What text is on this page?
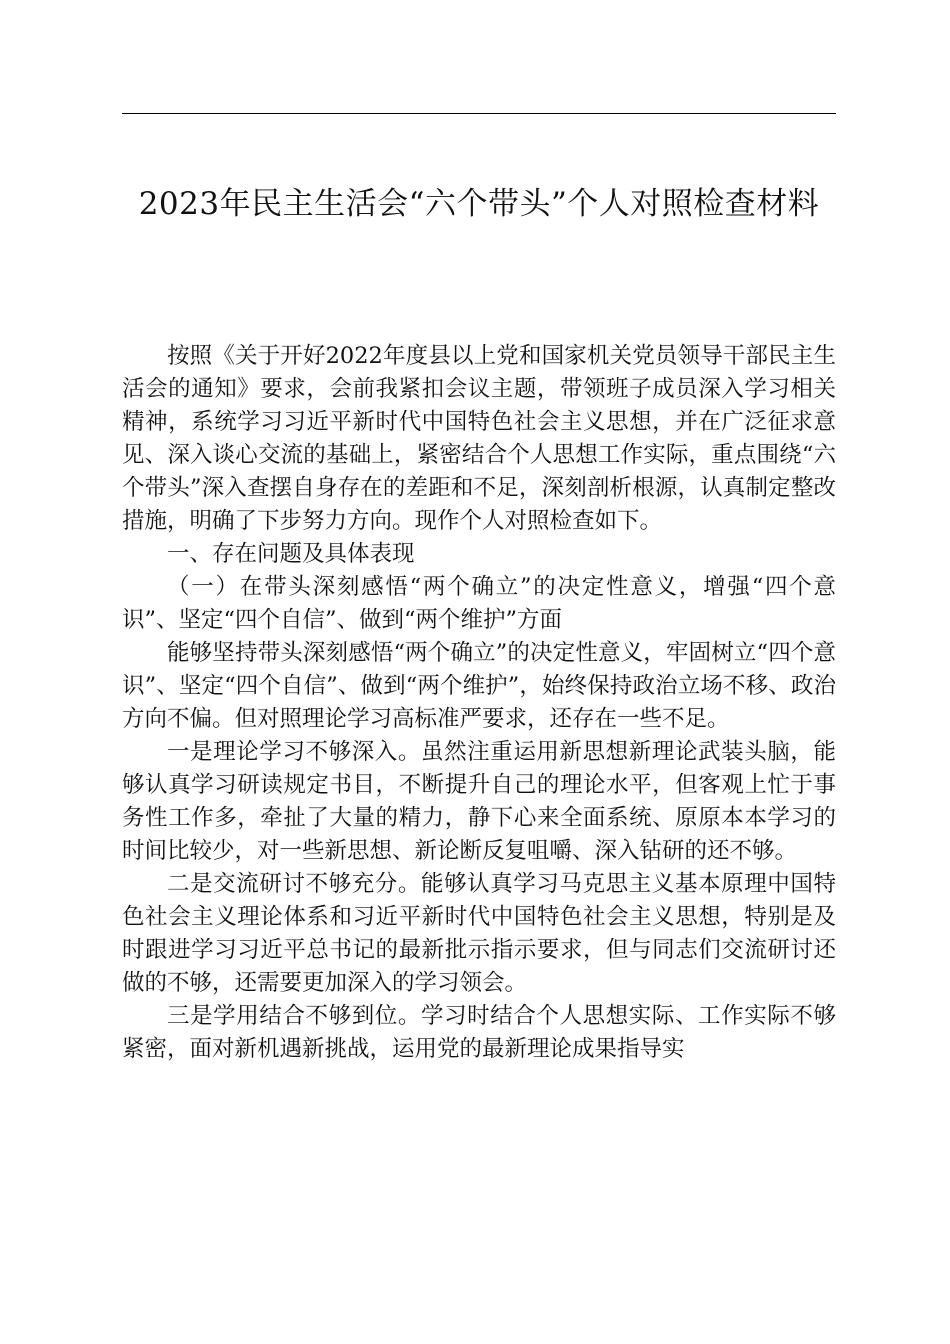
2023年民主生活会“六个带头”个人对照检查材料

按照《关于开好2022年度县以上党和国家机关党员领导干部民主生活会的通知》要求，会前我紧扣会议主题，带领班子成员深入学习相关精神，系统学习习近平新时代中国特色社会主义思想，并在广泛征求意见、深入谈心交流的基础上，紧密结合个人思想工作实际，重点围绕“六个带头”深入查摆自身存在的差距和不足，深刻剖析根源，认真制定整改措施，明确了下步努力方向。现作个人对照检查如下。

一、存在问题及具体表现

（一）在带头深刻感悟“两个确立”的决定性意义，增强“四个意识”、坚定“四个自信”、做到“两个维护”方面

能够坚持带头深刻感悟“两个确立”的决定性意义，牢固树立“四个意识”、坚定“四个自信”、做到“两个维护”，始终保持政治立场不移、政治方向不偏。但对照理论学习高标准严要求，还存在一些不足。

一是理论学习不够深入。虽然注重运用新思想新理论武装头脑，能够认真学习研读规定书目，不断提升自己的理论水平，但客观上忙于事务性工作多，牵扯了大量的精力，静下心来全面系统、原原本本学习的时间比较少，对一些新思想、新论断反复咀嚼、深入钻研的还不够。

二是交流研讨不够充分。能够认真学习马克思主义基本原理中国特色社会主义理论体系和习近平新时代中国特色社会主义思想，特别是及时跟进学习习近平总书记的最新批示指示要求，但与同志们交流研讨还做的不够，还需要更加深入的学习领会。

三是学用结合不够到位。学习时结合个人思想实际、工作实际不够紧密，面对新机遇新挑战，运用党的最新理论成果指导实
